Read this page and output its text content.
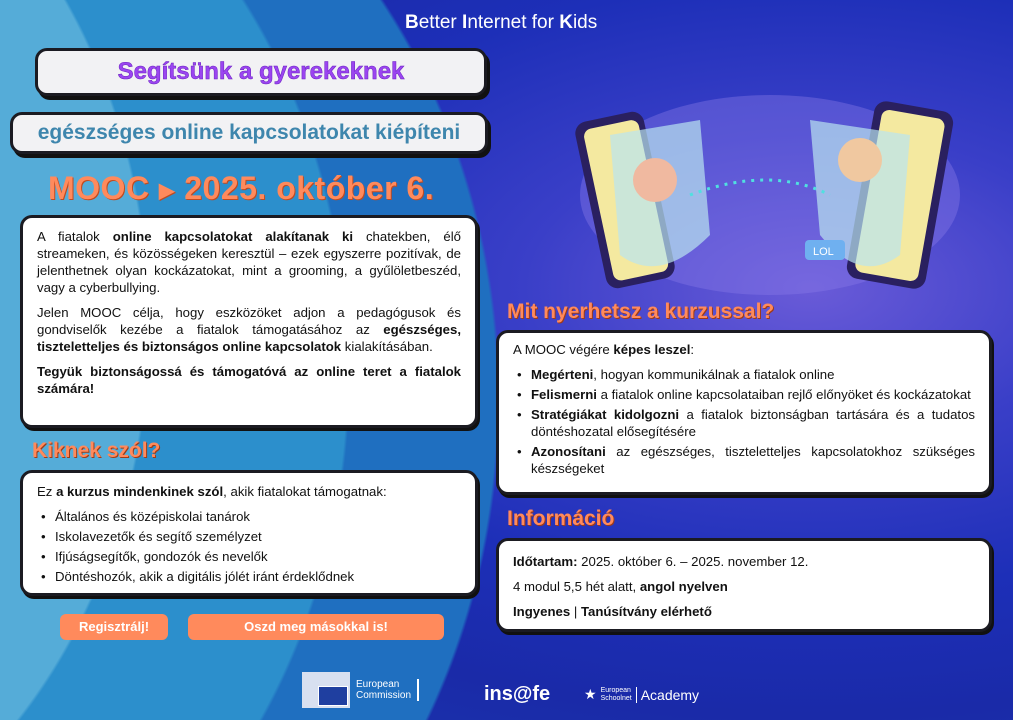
Better Internet for Kids
Segítsünk a gyerekeknek
egészséges online kapcsolatokat kiépíteni
MOOC ▶ 2025. október 6.

A fiatalok online kapcsolatokat alakítanak ki chatekben, élő streameken, és közösségeken keresztül – ezek egyszerre pozitívak, de jelenthetnek olyan kockázatokat, mint a grooming, a gyűlöletbeszéd, vagy a cyberbullying.

Jelen MOOC célja, hogy eszközöket adjon a pedagógusok és gondviselők kezébe a fiatalok támogatásához az egészséges, tiszteletteljes és biztonságos online kapcsolatok kialakításában.

Tegyük biztonságossá és támogatóvá az online teret a fiatalok számára!

Kiknek szól?

Ez a kurzus mindenkinek szól, akik fiatalokat támogatnak:

• Általános és középiskolai tanárok
• Iskolavezetők és segítő személyzet
• Ifjúságsegítők, gondozók és nevelők
• Döntéshozók, akik a digitális jólét iránt érdeklődnek
Regisztrálj!	Oszd meg másokkal is!
LOL
Mit nyerhetsz a kurzussal?

A MOOC végére képes leszel:

• Megérteni, hogyan kommunikálnak a fiatalok online
• Felismerni a fiatalok online kapcsolataiban rejlő előnyöket és kockázatokat
• Stratégiákat kidolgozni a fiatalok biztonságban tartására és a tudatos döntéshozatal elősegítésére
• Azonosítani az egészséges, tiszteletteljes kapcsolatokhoz szükséges készségeket
Információ
Időtartam: 2025. október 6. – 2025. november 12.
4 modul 5,5 hét alatt, angol nyelven
Ingyenes | Tanúsítvány elérhető
European
Commission	ins@fe ★ European
Schoolnet Academy
